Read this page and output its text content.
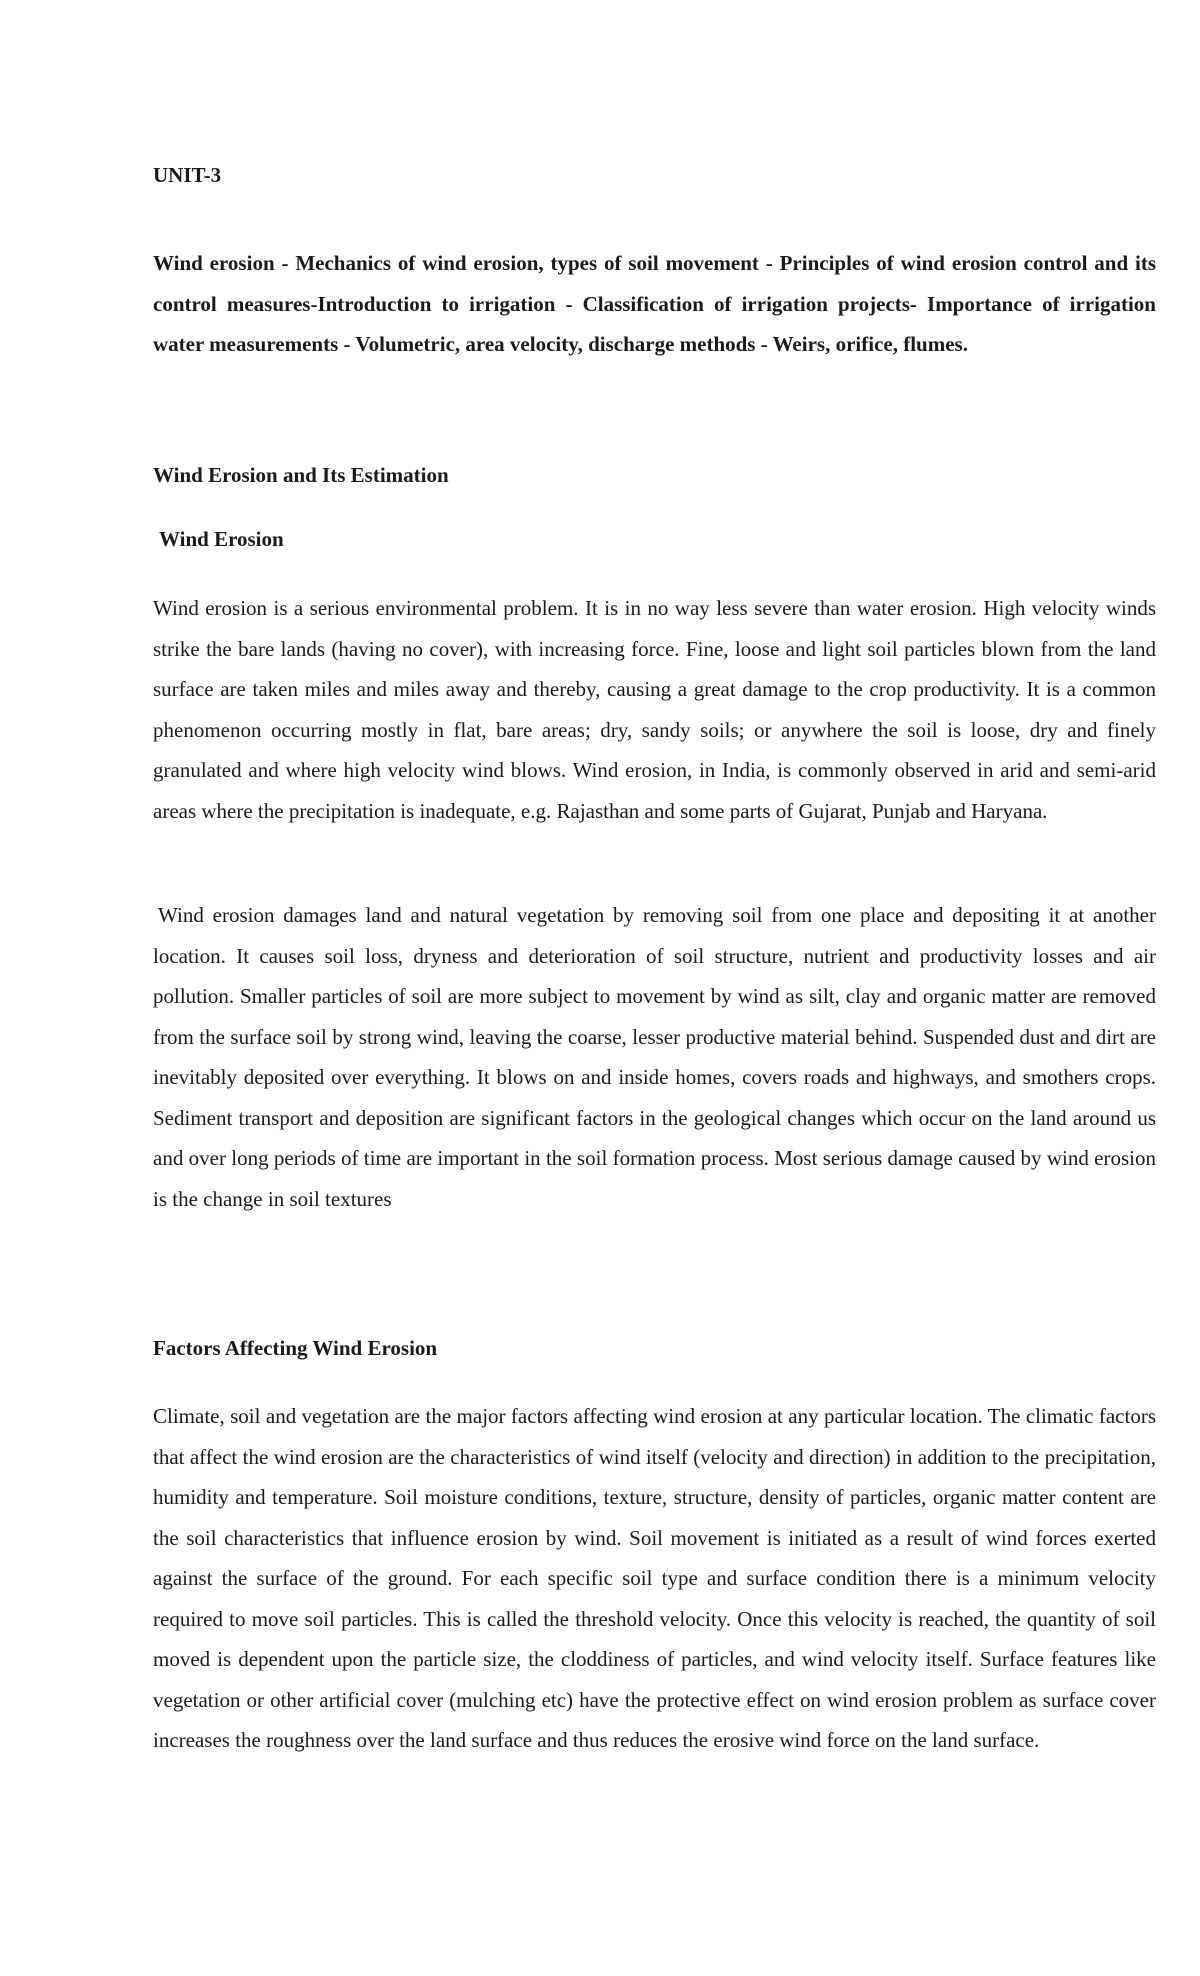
UNIT-3

Wind erosion - Mechanics of wind erosion, types of soil movement - Principles of wind erosion control and its control measures-Introduction to irrigation - Classification of irrigation projects- Importance of irrigation water measurements - Volumetric, area velocity, discharge methods - Weirs, orifice, flumes.

Wind Erosion and Its Estimation
Wind Erosion

Wind erosion is a serious environmental problem. It is in no way less severe than water erosion. High velocity winds strike the bare lands (having no cover), with increasing force. Fine, loose and light soil particles blown from the land surface are taken miles and miles away and thereby, causing a great damage to the crop productivity. It is a common phenomenon occurring mostly in flat, bare areas; dry, sandy soils; or anywhere the soil is loose, dry and finely granulated and where high velocity wind blows. Wind erosion, in India, is commonly observed in arid and semi-arid areas where the precipitation is inadequate, e.g. Rajasthan and some parts of Gujarat, Punjab and Haryana.

Wind erosion damages land and natural vegetation by removing soil from one place and depositing it at another location. It causes soil loss, dryness and deterioration of soil structure, nutrient and productivity losses and air pollution. Smaller particles of soil are more subject to movement by wind as silt, clay and organic matter are removed from the surface soil by strong wind, leaving the coarse, lesser productive material behind. Suspended dust and dirt are inevitably deposited over everything. It blows on and inside homes, covers roads and highways, and smothers crops. Sediment transport and deposition are significant factors in the geological changes which occur on the land around us and over long periods of time are important in the soil formation process. Most serious damage caused by wind erosion is the change in soil textures

Factors Affecting Wind Erosion

Climate, soil and vegetation are the major factors affecting wind erosion at any particular location. The climatic factors that affect the wind erosion are the characteristics of wind itself (velocity and direction) in addition to the precipitation, humidity and temperature. Soil moisture conditions, texture, structure, density of particles, organic matter content are the soil characteristics that influence erosion by wind. Soil movement is initiated as a result of wind forces exerted against the surface of the ground. For each specific soil type and surface condition there is a minimum velocity required to move soil particles. This is called the threshold velocity. Once this velocity is reached, the quantity of soil moved is dependent upon the particle size, the cloddiness of particles, and wind velocity itself. Surface features like vegetation or other artificial cover (mulching etc) have the protective effect on wind erosion problem as surface cover increases the roughness over the land surface and thus reduces the erosive wind force on the land surface.
